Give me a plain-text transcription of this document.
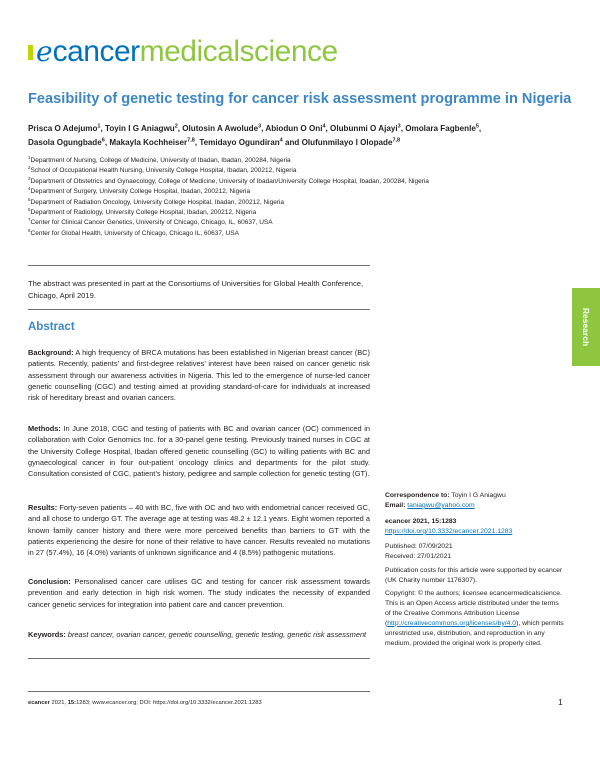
e cancer medicalscience
Feasibility of genetic testing for cancer risk assessment programme in Nigeria
Prisca O Adejumo$^1$, Toyin I G Aniagwu$^2$, Olutosin A Awolude$^3$, Abiodun O Oni$^4$, Olubunmi O Ajayi$^3$, Omolara Fagbenle$^5$,
Dasola Ogungbade$^6$, Makayla Kochheiser$^{7,8}$, Temidayo Ogundiran$^4$ and Olufunmilayo I Olopade$^{7,8}$

$^1$Department of Nursing, College of Medicine, University of Ibadan, Ibadan, 200284, Nigeria

$^2$School of Occupational Health Nursing, University College Hospital, Ibadan, 200212, Nigeria

$^3$Department of Obstetrics and Gynaecology, College of Medicine, University of Ibadan/University College Hospital, Ibadan, 200284, Nigeria

$^4$Department of Surgery, University College Hospital, Ibadan, 200212, Nigeria

$^5$Department of Radiation Oncology, University College Hospital, Ibadan, 200212, Nigeria

$^6$Department of Radiology, University College Hospital, Ibadan, 200212, Nigeria

$^7$Center for Clinical Cancer Genetics, University of Chicago, Chicago, IL, 60637, USA

$^8$Center for Global Health, University of Chicago, Chicago IL, 60637, USA

The abstract was presented in part at the Consortiums of Universities for Global Health Conference, Chicago, April 2019.

Abstract

Background: A high frequency of BRCA mutations has been established in Nigerian breast cancer (BC) patients. Recently, patients’ and first-degree relatives’ interest have been raised on cancer genetic risk assessment through our awareness activities in Nigeria. This led to the emergence of nurse-led cancer genetic counselling (CGC) and testing aimed at providing standard-of-care for individuals at increased risk of hereditary breast and ovarian cancers.

Methods: In June 2018, CGC and testing of patients with BC and ovarian cancer (OC) commenced in collaboration with Color Genomics Inc. for a 30-panel gene testing. Previously trained nurses in CGC at the University College Hospital, Ibadan offered genetic counselling (GC) to willing patients with BC and gynaecological cancer in four out-patient oncology clinics and departments for the pilot study. Consultation consisted of CGC, patient’s history, pedigree and sample collection for genetic testing (GT).

Results: Forty-seven patients – 40 with BC, five with OC and two with endometrial cancer received GC, and all chose to undergo GT. The average age at testing was 48.2 ± 12.1 years. Eight women reported a known family cancer history and there were more perceived benefits than barriers to GT with the patients experiencing the desire for none of their relative to have cancer. Results revealed no mutations in 27 (57.4%), 16 (4.0%) variants of unknown significance and 4 (8.5%) pathogenic mutations.

Conclusion: Personalised cancer care utilises GC and testing for cancer risk assessment towards prevention and early detection in high risk women. The study indicates the necessity of expanded cancer genetic services for integration into patient care and cancer prevention.

Keywords: breast cancer, ovarian cancer, genetic counselling, genetic testing, genetic risk assessment

Research
Correspondence to: Toyin I G Aniagwu
Email: taniagwu@yahoo.com
ecancer 2021, 15:1283
https://doi.org/10.3332/ecancer.2021.1283
Published: 07/09/2021
Received: 27/01/2021
Publication costs for this article were supported by ecancer (UK Charity number 1176307).
Copyright: © the authors; licensee ecancermedicalscience. This is an Open Access article distributed under the terms of the Creative Commons Attribution License (http://creativecommons.org/licenses/by/4.0), which permits unrestricted use, distribution, and reproduction in any medium, provided the original work is properly cited.
ecancer 2021, 15:1283; www.ecancer.org; DOI: https://doi.org/10.3332/ecancer.2021.1283	1
